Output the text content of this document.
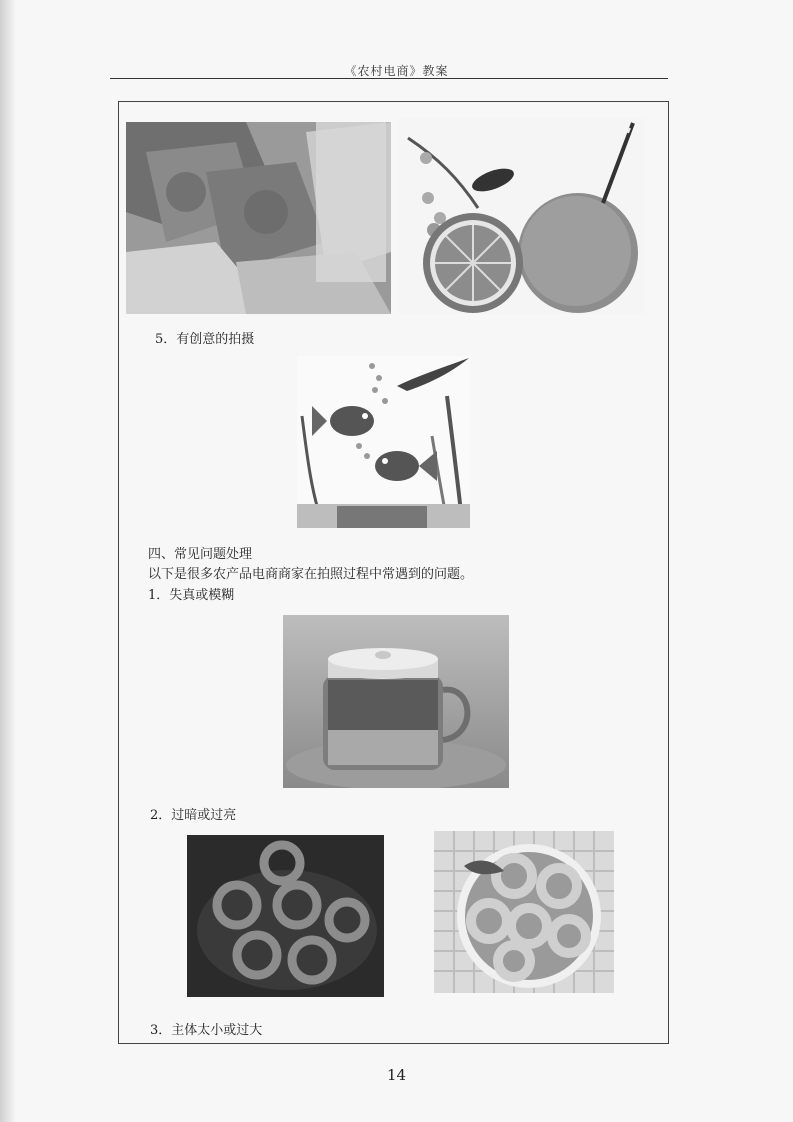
《农村电商》教案
5．有创意的拍摄
四、常见问题处理
以下是很多农产品电商商家在拍照过程中常遇到的问题。
1．失真或模糊
2．过暗或过亮
3．主体太小或过大
14
